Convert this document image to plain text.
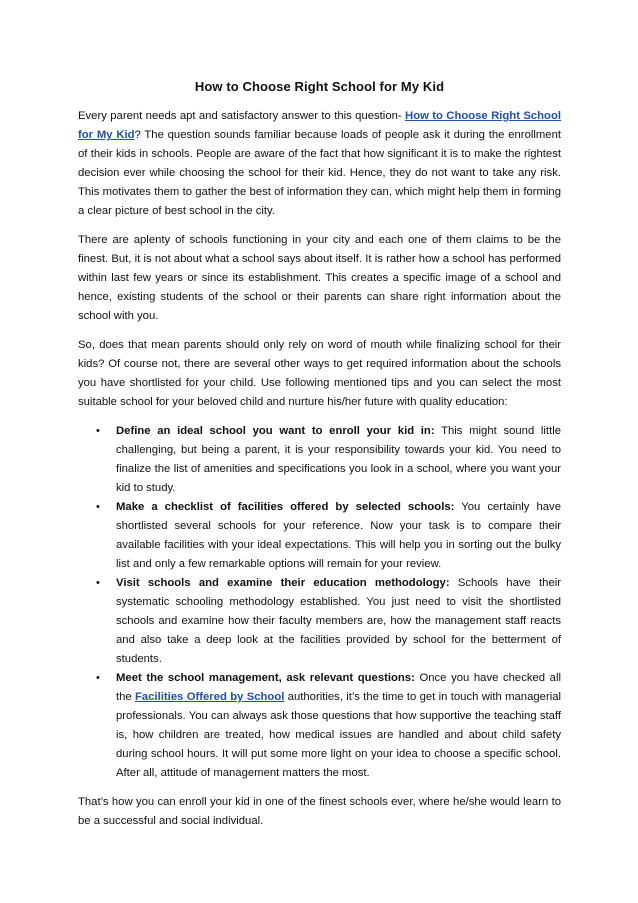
How to Choose Right School for My Kid

Every parent needs apt and satisfactory answer to this question- How to Choose Right School for My Kid? The question sounds familiar because loads of people ask it during the enrollment of their kids in schools. People are aware of the fact that how significant it is to make the rightest decision ever while choosing the school for their kid. Hence, they do not want to take any risk. This motivates them to gather the best of information they can, which might help them in forming a clear picture of best school in the city.

There are aplenty of schools functioning in your city and each one of them claims to be the finest. But, it is not about what a school says about itself. It is rather how a school has performed within last few years or since its establishment. This creates a specific image of a school and hence, existing students of the school or their parents can share right information about the school with you.

So, does that mean parents should only rely on word of mouth while finalizing school for their kids? Of course not, there are several other ways to get required information about the schools you have shortlisted for your child. Use following mentioned tips and you can select the most suitable school for your beloved child and nurture his/her future with quality education:

• Define an ideal school you want to enroll your kid in: This might sound little challenging, but being a parent, it is your responsibility towards your kid. You need to finalize the list of amenities and specifications you look in a school, where you want your kid to study.
• Make a checklist of facilities offered by selected schools: You certainly have shortlisted several schools for your reference. Now your task is to compare their available facilities with your ideal expectations. This will help you in sorting out the bulky list and only a few remarkable options will remain for your review.
• Visit schools and examine their education methodology: Schools have their systematic schooling methodology established. You just need to visit the shortlisted schools and examine how their faculty members are, how the management staff reacts and also take a deep look at the facilities provided by school for the betterment of students.
• Meet the school management, ask relevant questions: Once you have checked all the Facilities Offered by School authorities, it’s the time to get in touch with managerial professionals. You can always ask those questions that how supportive the teaching staff is, how children are treated, how medical issues are handled and about child safety during school hours. It will put some more light on your idea to choose a specific school. After all, attitude of management matters the most.

That’s how you can enroll your kid in one of the finest schools ever, where he/she would learn to be a successful and social individual.
